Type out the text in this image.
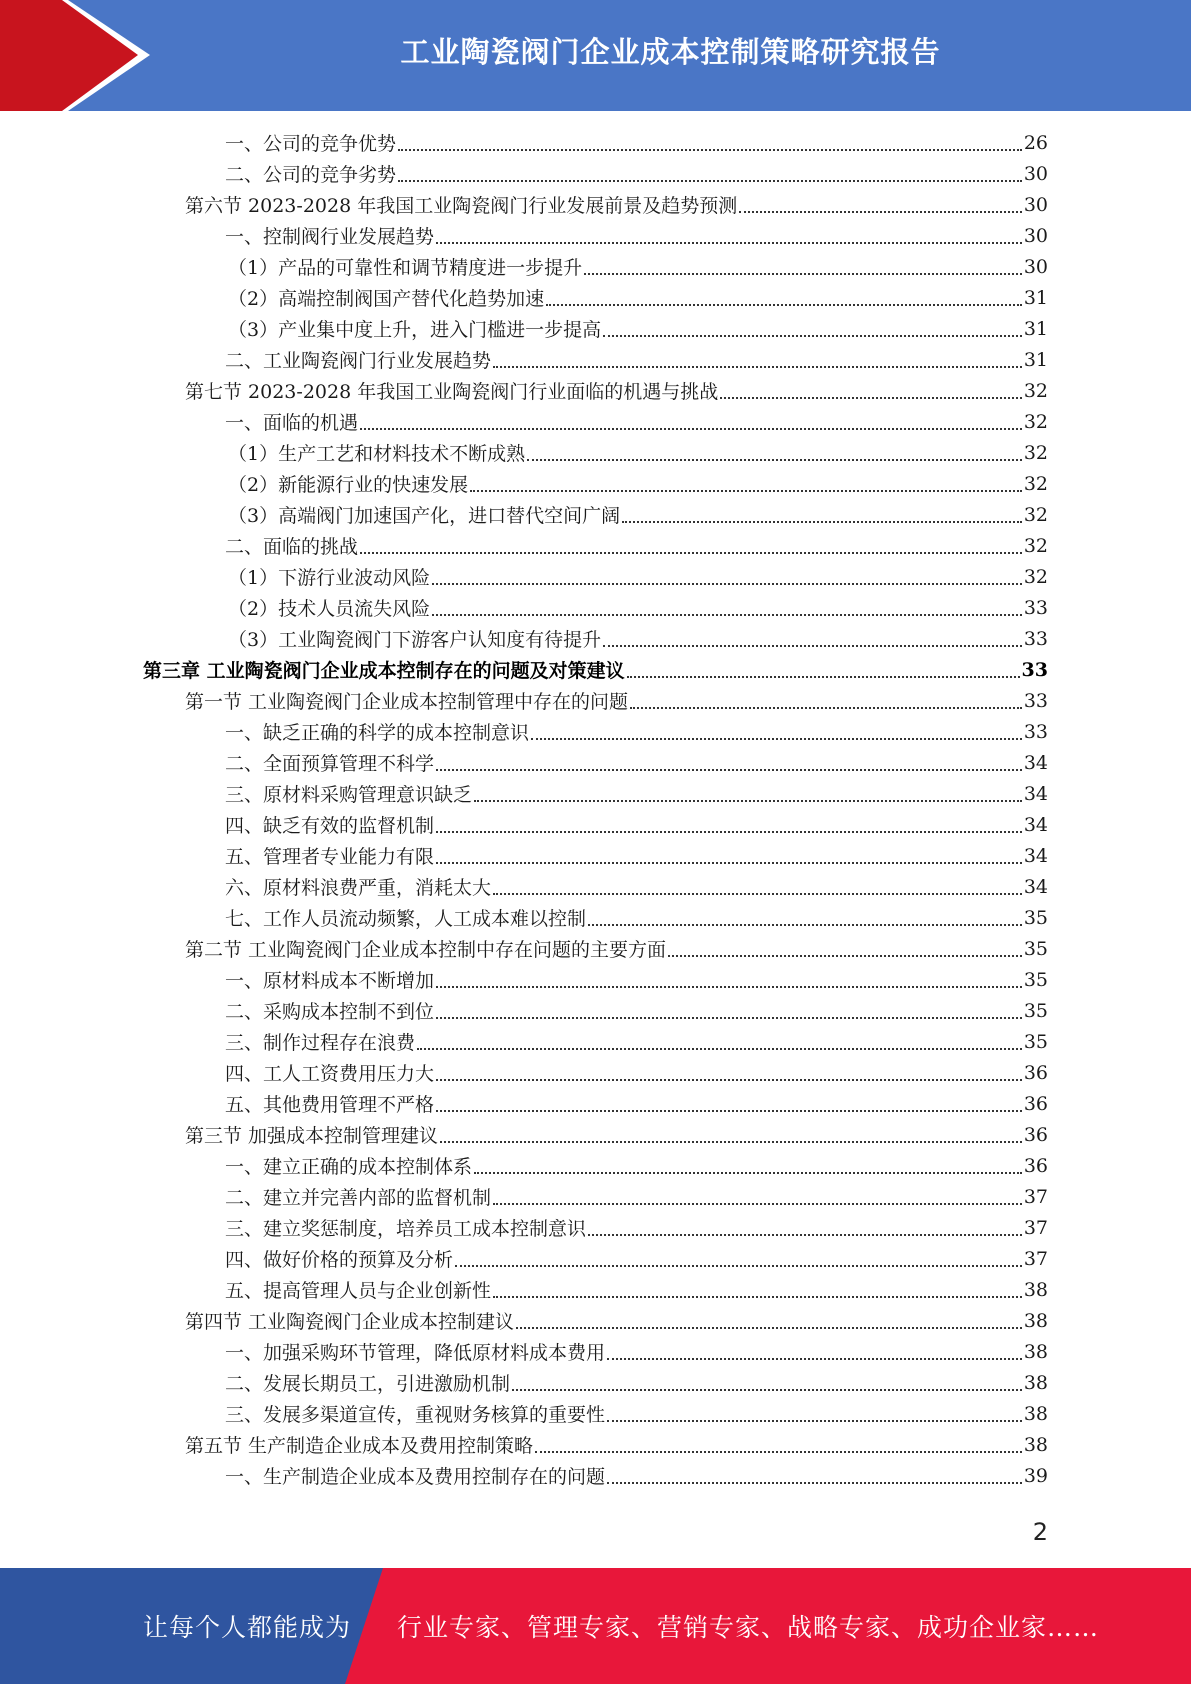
工业陶瓷阀门企业成本控制策略研究报告
一、公司的竞争优势	26
二、公司的竞争劣势	30
第六节 2023-2028 年我国工业陶瓷阀门行业发展前景及趋势预测	30
一、控制阀行业发展趋势	30
（1）产品的可靠性和调节精度进一步提升	30
（2）高端控制阀国产替代化趋势加速	31
（3）产业集中度上升，进入门槛进一步提高	31
二、工业陶瓷阀门行业发展趋势	31
第七节 2023-2028 年我国工业陶瓷阀门行业面临的机遇与挑战	32
一、面临的机遇	32
（1）生产工艺和材料技术不断成熟	32
（2）新能源行业的快速发展	32
（3）高端阀门加速国产化，进口替代空间广阔	32
二、面临的挑战	32
（1）下游行业波动风险	32
（2）技术人员流失风险	33
（3）工业陶瓷阀门下游客户认知度有待提升	33
第三章 工业陶瓷阀门企业成本控制存在的问题及对策建议	33
第一节 工业陶瓷阀门企业成本控制管理中存在的问题	33
一、缺乏正确的科学的成本控制意识	33
二、全面预算管理不科学	34
三、原材料采购管理意识缺乏	34
四、缺乏有效的监督机制	34
五、管理者专业能力有限	34
六、原材料浪费严重，消耗太大	34
七、工作人员流动频繁，人工成本难以控制	35
第二节 工业陶瓷阀门企业成本控制中存在问题的主要方面	35
一、原材料成本不断增加	35
二、采购成本控制不到位	35
三、制作过程存在浪费	35
四、工人工资费用压力大	36
五、其他费用管理不严格	36
第三节 加强成本控制管理建议	36
一、建立正确的成本控制体系	36
二、建立并完善内部的监督机制	37
三、建立奖惩制度，培养员工成本控制意识	37
四、做好价格的预算及分析	37
五、提高管理人员与企业创新性	38
第四节 工业陶瓷阀门企业成本控制建议	38
一、加强采购环节管理，降低原材料成本费用	38
二、发展长期员工，引进激励机制	38
三、发展多渠道宣传，重视财务核算的重要性	38
第五节 生产制造企业成本及费用控制策略	38
一、生产制造企业成本及费用控制存在的问题	39
2
让每个人都能成为 行业专家、管理专家、营销专家、战略专家、成功企业家……
